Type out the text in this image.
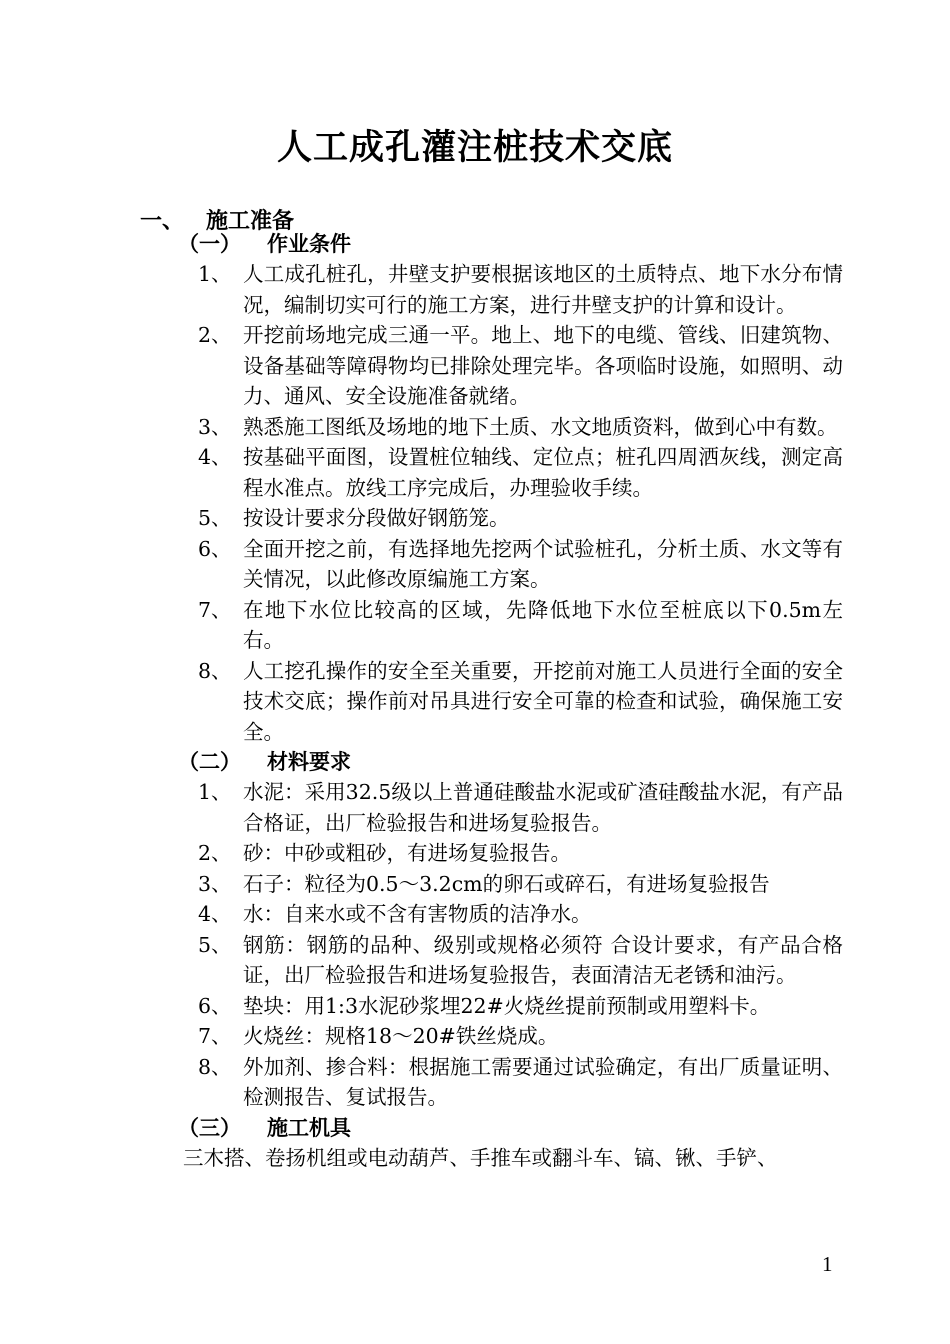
人工成孔灌注桩技术交底
一、 施工准备
（一） 作业条件
1、 人工成孔桩孔，井壁支护要根据该地区的土质特点、地下水分布情况，编制切实可行的施工方案，进行井壁支护的计算和设计。
2、 开挖前场地完成三通一平。地上、地下的电缆、管线、旧建筑物、设备基础等障碍物均已排除处理完毕。各项临时设施，如照明、动力、通风、安全设施准备就绪。
3、 熟悉施工图纸及场地的地下土质、水文地质资料，做到心中有数。
4、 按基础平面图，设置桩位轴线、定位点；桩孔四周洒灰线，测定高程水准点。放线工序完成后，办理验收手续。
5、 按设计要求分段做好钢筋笼。
6、 全面开挖之前，有选择地先挖两个试验桩孔，分析土质、水文等有关情况，以此修改原编施工方案。
7、 在地下水位比较高的区域，先降低地下水位至桩底以下0.5m左右。
8、 人工挖孔操作的安全至关重要，开挖前对施工人员进行全面的安全技术交底；操作前对吊具进行安全可靠的检查和试验，确保施工安全。
（二） 材料要求
1、 水泥：采用32.5级以上普通硅酸盐水泥或矿渣硅酸盐水泥，有产品合格证，出厂检验报告和进场复验报告。
2、 砂：中砂或粗砂，有进场复验报告。
3、 石子：粒径为0.5～3.2cm的卵石或碎石，有进场复验报告
4、 水：自来水或不含有害物质的洁净水。
5、 钢筋：钢筋的品种、级别或规格必须符 合设计要求，有产品合格证，出厂检验报告和进场复验报告，表面清洁无老锈和油污。
6、 垫块：用1:3水泥砂浆埋22#火烧丝提前预制或用塑料卡。
7、 火烧丝：规格18～20#铁丝烧成。
8、 外加剂、掺合料：根据施工需要通过试验确定，有出厂质量证明、检测报告、复试报告。
（三） 施工机具
三木搭、卷扬机组或电动葫芦、手推车或翻斗车、镐、锹、手铲、
1
